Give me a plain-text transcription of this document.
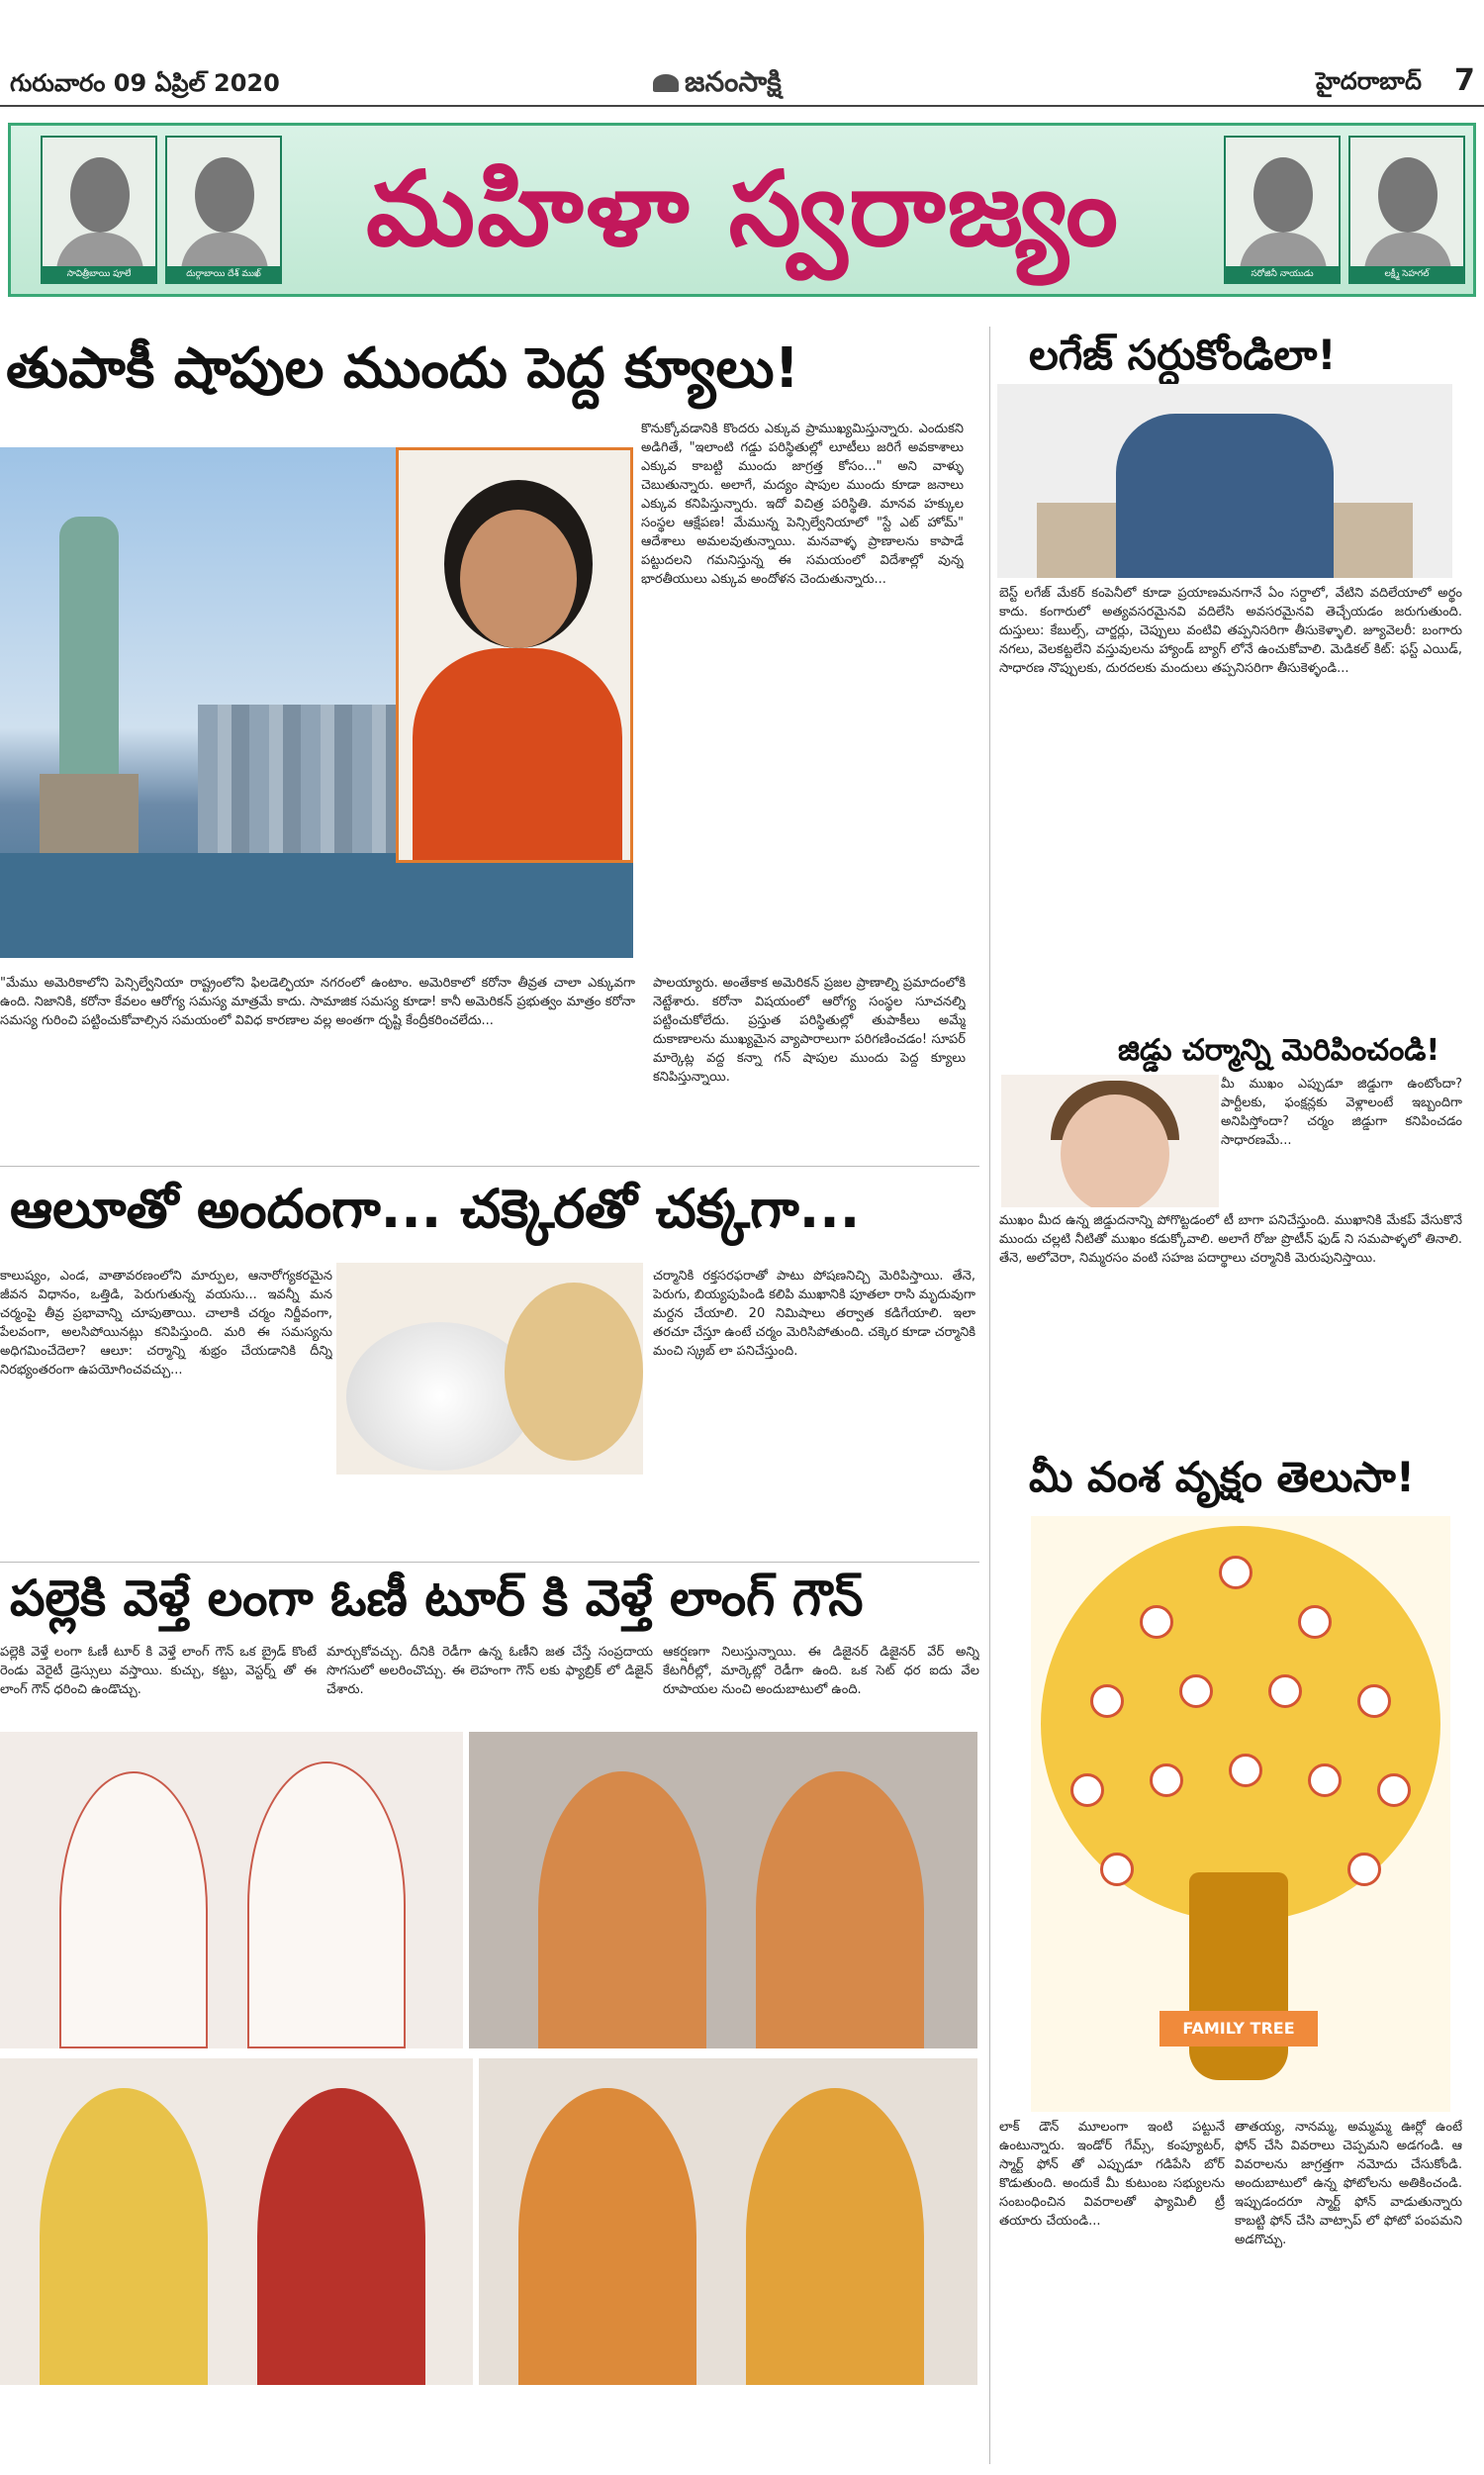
గురువారం 09 ఏప్రిల్ 2020	జనంసాక్షి	హైదరాబాద్ 7
సావిత్రీబాయి పూలే	దుర్గాబాయి దేశ్ ముఖ్
మహిళా స్వరాజ్యం
సరోజినీ నాయుడు	లక్ష్మీ సెహగల్
తుపాకీ షాపుల ముందు పెద్ద క్యూలు!
కొనుక్కోవడానికి కొందరు ఎక్కువ ప్రాముఖ్యమిస్తున్నారు. ఎందుకని అడిగితే, "ఇలాంటి గడ్డు పరిస్థితుల్లో లూటీలు జరిగే అవకాశాలు ఎక్కువ కాబట్టి ముందు జాగ్రత్త కోసం..." అని వాళ్ళు చెబుతున్నారు. అలాగే, మద్యం షాపుల ముందు కూడా జనాలు ఎక్కువ కనిపిస్తున్నారు. ఇదో విచిత్ర పరిస్థితి. మానవ హక్కుల సంస్థల ఆక్షేపణ! మేమున్న పెన్సిల్వేనియాలో "స్టే ఎట్ హోమ్" ఆదేశాలు అమలవుతున్నాయి. మనవాళ్ళ ప్రాణాలను కాపాడే పట్టుదలని గమనిస్తున్న ఈ సమయంలో విదేశాల్లో వున్న భారతీయులు ఎక్కువ అందోళన చెందుతున్నారు...
"మేము అమెరికాలోని పెన్సిల్వేనియా రాష్ట్రంలోని ఫిలడెల్ఫియా నగరంలో ఉంటాం. అమెరికాలో కరోనా తీవ్రత చాలా ఎక్కువగా ఉంది. నిజానికి, కరోనా కేవలం ఆరోగ్య సమస్య మాత్రమే కాదు. సామాజిక సమస్య కూడా! కానీ అమెరికన్ ప్రభుత్వం మాత్రం కరోనా సమస్య గురించి పట్టించుకోవాల్సిన సమయంలో వివిధ కారణాల వల్ల అంతగా దృష్టి కేంద్రీకరించలేదు...
పాలయ్యారు. అంతేకాక అమెరికన్ ప్రజల ప్రాణాల్ని ప్రమాదంలోకి నెట్టేశారు. కరోనా విషయంలో ఆరోగ్య సంస్థల సూచనల్ని పట్టించుకోలేదు. ప్రస్తుత పరిస్థితుల్లో తుపాకీలు అమ్మే దుకాణాలను ముఖ్యమైన వ్యాపారాలుగా పరిగణించడం! సూపర్ మార్కెట్ల వద్ద కన్నా గన్ షాపుల ముందు పెద్ద క్యూలు కనిపిస్తున్నాయి.
లగేజ్ సర్దుకోండిలా!
బెస్ట్ లగేజ్ మేకర్ కంపెనీలో కూడా ప్రయాణమనగానే ఏం సర్దాలో, వేటిని వదిలేయాలో అర్థం కాదు. కంగారులో అత్యవసరమైనవి వదిలేసి అవసరమైనవి తెచ్చేయడం జరుగుతుంది. దుస్తులు: కేబుల్స్, చార్జర్లు, చెప్పులు వంటివి తప్పనిసరిగా తీసుకెళ్ళాలి. జ్యూవెలరీ: బంగారు నగలు, వెలకట్టలేని వస్తువులను హ్యాండ్ బ్యాగ్ లోనే ఉంచుకోవాలి. మెడికల్ కిట్: ఫస్ట్ ఎయిడ్, సాధారణ నొప్పులకు, దురదలకు మందులు తప్పనిసరిగా తీసుకెళ్ళండి...
జిడ్డు చర్మాన్ని మెరిపించండి!
మీ ముఖం ఎప్పుడూ జిడ్డుగా ఉంటోందా? పార్టీలకు, ఫంక్షన్లకు వెళ్లాలంటే ఇబ్బందిగా అనిపిస్తోందా? చర్మం జిడ్డుగా కనిపించడం సాధారణమే...
ముఖం మీద ఉన్న జిడ్డుదనాన్ని పోగొట్టడంలో టీ బాగా పనిచేస్తుంది. ముఖానికి మేకప్ వేసుకొనే ముందు చల్లటి నీటితో ముఖం కడుక్కోవాలి. అలాగే రోజు ప్రొటీన్ ఫుడ్ ని సమపాళ్ళలో తినాలి. తేనె, అలోవెరా, నిమ్మరసం వంటి సహజ పదార్థాలు చర్మానికి మెరుపునిస్తాయి.
ఆలూతో అందంగా... చక్కెరతో చక్కగా...
కాలుష్యం, ఎండ, వాతావరణంలోని మార్పుల, ఆనారోగ్యకరమైన జీవన విధానం, ఒత్తిడి, పెరుగుతున్న వయసు... ఇవన్నీ మన చర్మంపై తీవ్ర ప్రభావాన్ని చూపుతాయి. చాలాకి చర్మం నిర్జీవంగా, పేలవంగా, అలసిపోయినట్లు కనిపిస్తుంది. మరి ఈ సమస్యను అధిగమించేదెలా? ఆలూ: చర్మాన్ని శుభ్రం చేయడానికి దీన్ని నిరభ్యంతరంగా ఉపయోగించవచ్చు...
చర్మానికి రక్తసరఫరాతో పాటు పోషణనిచ్చి మెరిపిస్తాయి. తేనె, పెరుగు, బియ్యపుపిండి కలిపి ముఖానికి పూతలా రాసి మృదువుగా మర్దన చేయాలి. 20 నిమిషాలు తర్వాత కడిగేయాలి. ఇలా తరచూ చేస్తూ ఉంటే చర్మం మెరిసిపోతుంది. చక్కెర కూడా చర్మానికి మంచి స్క్రబ్ లా పనిచేస్తుంది.
మీ వంశ వృక్షం తెలుసా!
FAMILY TREE
లాక్ డౌన్ మూలంగా ఇంటి పట్టునే ఉంటున్నారు. ఇండోర్ గేమ్స్, కంప్యూటర్, స్మార్ట్ ఫోన్ తో ఎప్పుడూ గడిపేసి బోర్ కొడుతుంది. అందుకే మీ కుటుంబ సభ్యులను సంబంధించిన వివరాలతో ఫ్యామిలీ ట్రీ తయారు చేయండి...
తాతయ్య, నానమ్మ, అమ్మమ్మ ఊర్లో ఉంటే ఫోన్ చేసి వివరాలు చెప్పమని అడగండి. ఆ వివరాలను జాగ్రత్తగా నమోదు చేసుకోండి. అందుబాటులో ఉన్న ఫోటోలను అతికించండి. ఇప్పుడందరూ స్మార్ట్ ఫోన్ వాడుతున్నారు కాబట్టి ఫోన్ చేసి వాట్సాప్ లో ఫోటో పంపమని అడగొచ్చు.
పల్లెకి వెళ్తే లంగా ఓణీ టూర్ కి వెళ్తే లాంగ్ గౌన్
పల్లెకి వెళ్తే లంగా ఓణీ టూర్ కి వెళ్తే లాంగ్ గౌన్ ఒక బ్రైడ్ కొంటే రెండు వెరైటీ డ్రెస్సులు వస్తాయి. కుచ్చు, కట్టు, వెస్టర్న్ తో ఈ లాంగ్ గౌన్ ధరించి ఉండొచ్చు.
మార్చుకోవచ్చు. దీనికి రెడీగా ఉన్న ఓణీని జత చేస్తే సంప్రదాయ సొగసులో అలరించొచ్చు. ఈ లెహంగా గౌన్ లకు ఫ్యాబ్రిక్ లో డిజైన్ చేశారు.
ఆకర్షణగా నిలుస్తున్నాయి. ఈ డిజైనర్ డిజైనర్ వేర్ అన్ని కేటగిరీల్లో, మార్కెట్లో రెడీగా ఉంది. ఒక సెట్ ధర ఐదు వేల రూపాయల నుంచి అందుబాటులో ఉంది.
